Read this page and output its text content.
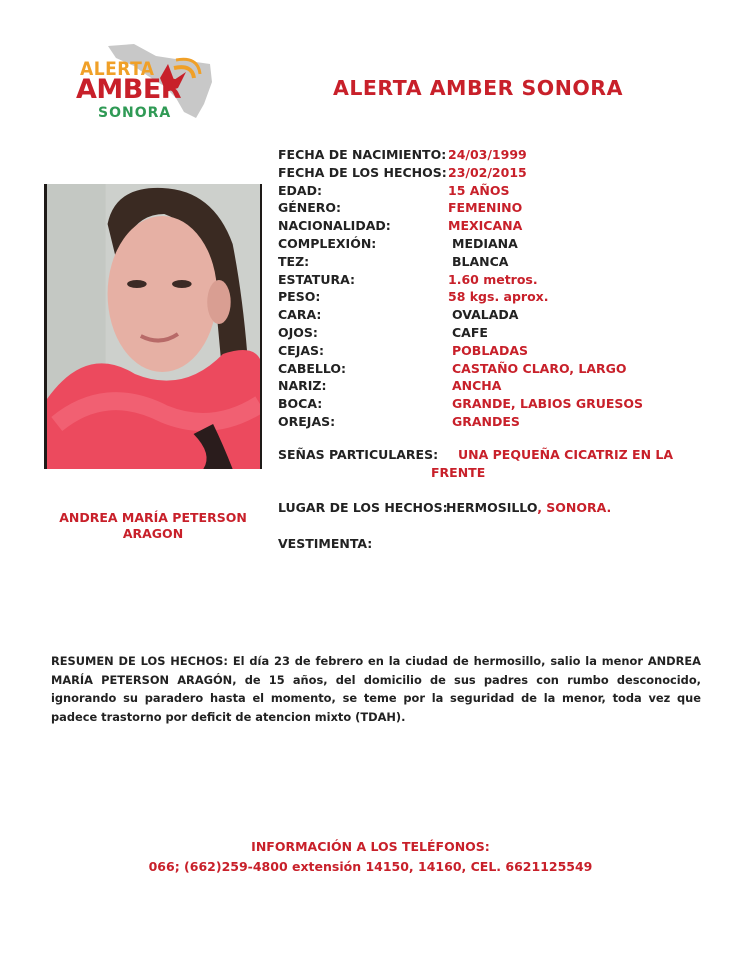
ALERTA
AMBER
SONORA
ALERTA AMBER SONORA
ANDREA MARÍA PETERSON
ARAGON
FECHA DE NACIMIENTO: 24/03/1999
FECHA DE LOS HECHOS: 23/02/2015
EDAD:	15 AÑOS
GÉNERO:	FEMENINO
NACIONALIDAD:	MEXICANA
COMPLEXIÓN:	MEDIANA
TEZ:	BLANCA
ESTATURA:	1.60 metros.
PESO:	58 kgs. aprox.
CARA:	OVALADA
OJOS:	CAFE
CEJAS:	POBLADAS
CABELLO:	CASTAÑO CLARO, LARGO
NARIZ:	ANCHA
BOCA:	GRANDE, LABIOS GRUESOS
OREJAS:	GRANDES
SEÑAS PARTICULARES: UNA PEQUEÑA CICATRIZ EN LA
FRENTE
LUGAR DE LOS HECHOS:
HERMOSILLO, SONORA.
VESTIMENTA:
RESUMEN DE LOS HECHOS: El día 23 de febrero en la ciudad de hermosillo, salio la menor ANDREA MARÍA PETERSON ARAGÓN, de 15 años, del domicilio de sus padres con rumbo desconocido, ignorando su paradero hasta el momento, se teme por la seguridad de la menor, toda vez que padece trastorno por deficit de atencion mixto (TDAH).
INFORMACIÓN A LOS TELÉFONOS:
066; (662)259-4800 extensión 14150, 14160, CEL. 6621125549
